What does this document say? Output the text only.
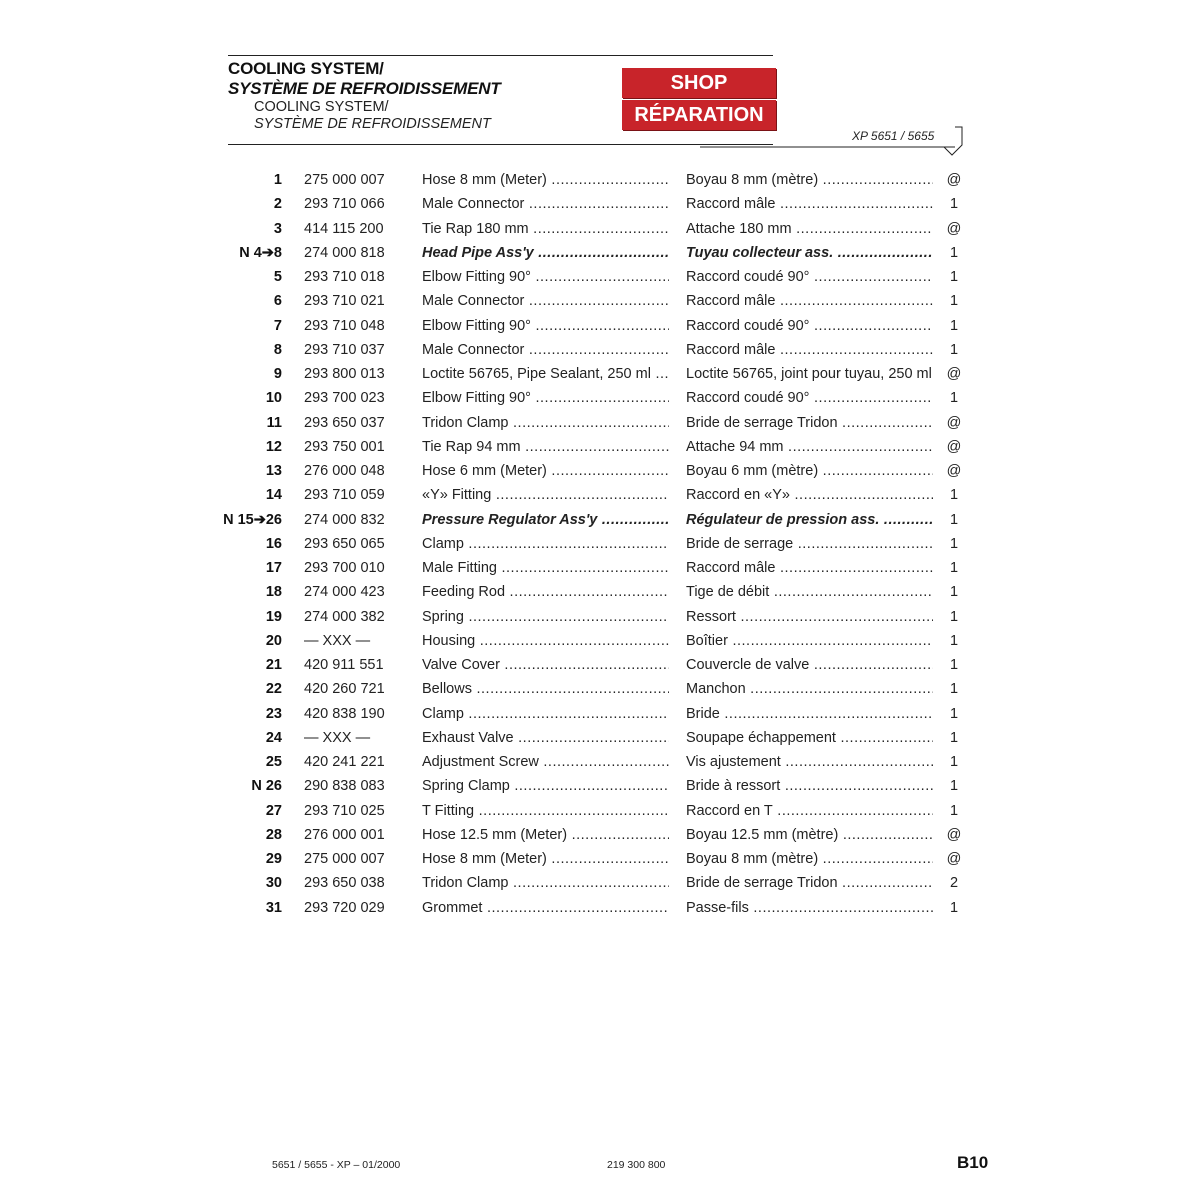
COOLING SYSTEM/
SYSTÈME DE REFROIDISSEMENT
COOLING SYSTEM/
SYSTÈME DE REFROIDISSEMENT
SHOP
RÉPARATION
XP 5651 / 5655
1 275 000 007	Hose 8 mm (Meter) .....	Boyau 8 mm (mètre) .....	@
2 293 710 066	Male Connector .....	Raccord mâle .....	1
3 414 115 200	Tie Rap 180 mm .....	Attache 180 mm .....	@
N 4➔8 274 000 818	Head Pipe Ass'y .....	Tuyau collecteur ass. .....	1
5 293 710 018	Elbow Fitting 90° .....	Raccord coudé 90° .....	1
6 293 710 021	Male Connector .....	Raccord mâle .....	1
7 293 710 048	Elbow Fitting 90° .....	Raccord coudé 90° .....	1
8 293 710 037	Male Connector .....	Raccord mâle .....	1
9 293 800 013	Loctite 56765, Pipe Sealant, 250 ml .....	Loctite 56765, joint pour tuyau, 250 ml .....	@
10 293 700 023	Elbow Fitting 90° .....	Raccord coudé 90° .....	1
11 293 650 037	Tridon Clamp .....	Bride de serrage Tridon .....	@
12 293 750 001	Tie Rap 94 mm .....	Attache 94 mm .....	@
13 276 000 048	Hose 6 mm (Meter) .....	Boyau 6 mm (mètre) .....	@
14 293 710 059	«Y» Fitting .....	Raccord en «Y» .....	1
N 15➔26 274 000 832	Pressure Regulator Ass'y .....	Régulateur de pression ass. .....	1
16 293 650 065	Clamp .....	Bride de serrage .....	1
17 293 700 010	Male Fitting .....	Raccord mâle .....	1
18 274 000 423	Feeding Rod .....	Tige de débit .....	1
19 274 000 382	Spring .....	Ressort .....	1
20 — XXX —	Housing .....	Boîtier .....	1
21 420 911 551	Valve Cover .....	Couvercle de valve .....	1
22 420 260 721	Bellows .....	Manchon .....	1
23 420 838 190	Clamp .....	Bride .....	1
24 — XXX —	Exhaust Valve .....	Soupape échappement .....	1
25 420 241 221	Adjustment Screw .....	Vis ajustement .....	1
N 26 290 838 083	Spring Clamp .....	Bride à ressort .....	1
27 293 710 025	T Fitting .....	Raccord en T .....	1
28 276 000 001	Hose 12.5 mm (Meter) .....	Boyau 12.5 mm (mètre) .....	@
29 275 000 007	Hose 8 mm (Meter) .....	Boyau 8 mm (mètre) .....	@
30 293 650 038	Tridon Clamp .....	Bride de serrage Tridon .....	2
31 293 720 029	Grommet .....	Passe-fils .....	1
5651 / 5655 - XP – 01/2000	219 300 800	B10
